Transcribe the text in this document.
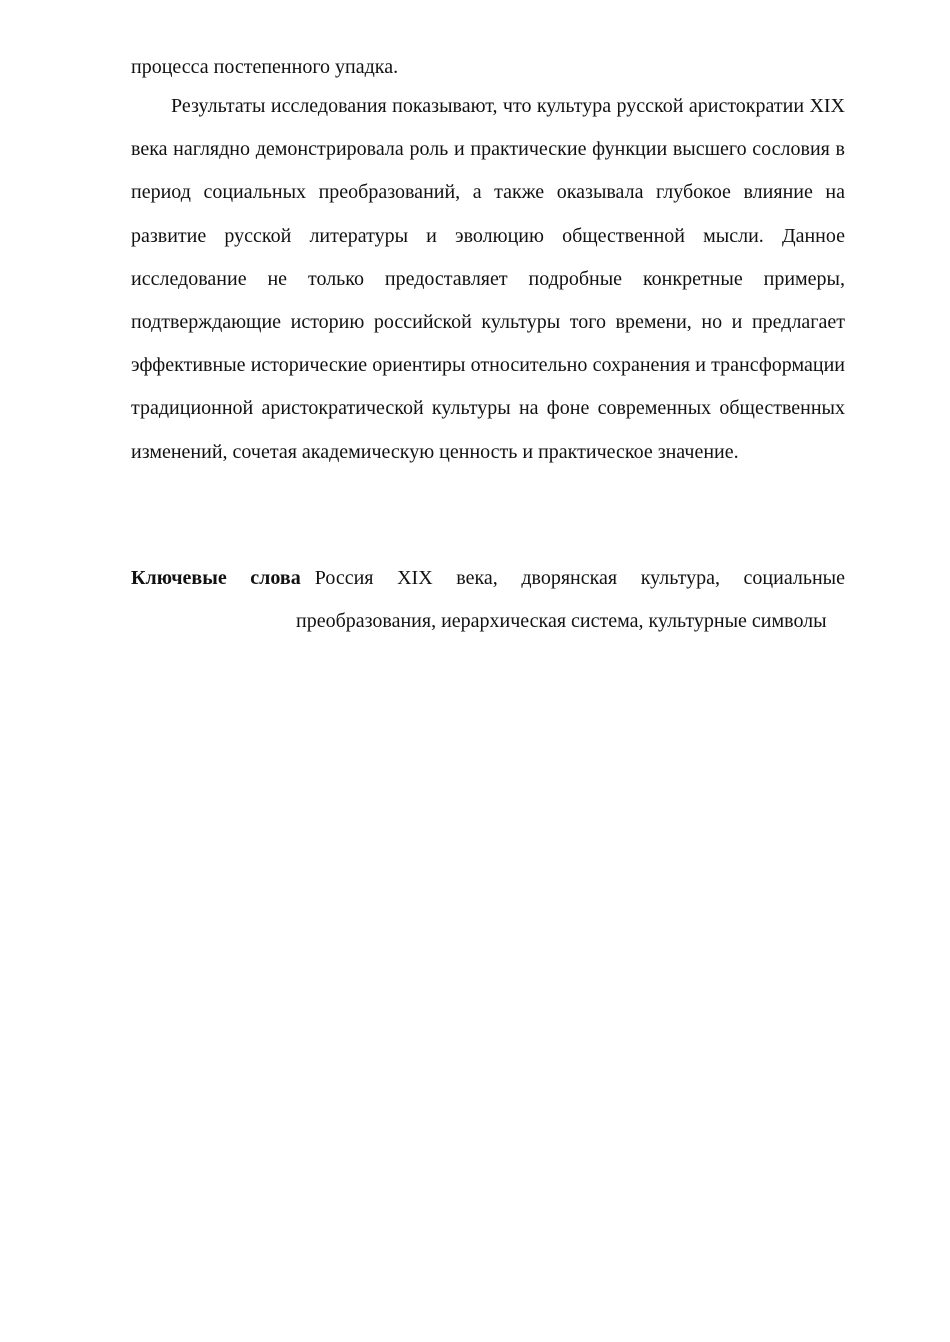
процесса постепенного упадка.

Результаты исследования показывают, что культура русской аристократии XIX века наглядно демонстрировала роль и практические функции высшего сословия в период социальных преобразований, а также оказывала глубокое влияние на развитие русской литературы и эволюцию общественной мысли. Данное исследование не только предоставляет подробные конкретные примеры, подтверждающие историю российской культуры того времени, но и предлагает эффективные исторические ориентиры относительно сохранения и трансформации традиционной аристократической культуры на фоне современных общественных изменений, сочетая академическую ценность и практическое значение.

Ключевые слова Россия XIX века, дворянская культура, социальные преобразования, иерархическая система, культурные символы
